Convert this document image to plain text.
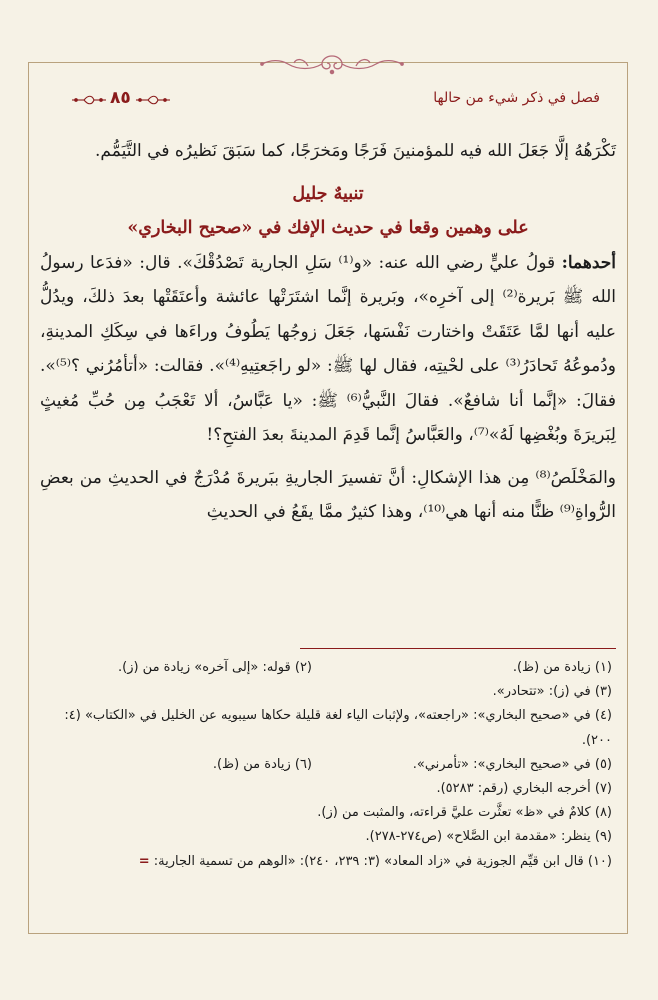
فصل في ذكر شيء من حالها
٨٥

تَكْرَهُهُ إلَّا جَعَلَ الله فيه للمؤمنينَ فَرَجًا ومَخرَجًا، كما سَبَقَ نَظيرُه في التَّيَمُّم.

تنبيهٌ جليل

على وهمين وقعا في حديث الإفك في «صحيح البخاري»

أحدهما: قولُ عليٍّ رضي الله عنه: «و⁽¹⁾ سَلِ الجارية تَصْدُقْكَ». قال: «فدَعا رسولُ الله ﷺ بَريرة⁽²⁾ إلى آخرِه»، وبَريرة إنَّما اشتَرَتْها عائشة وأعتَقَتْها بعدَ ذلكَ، ويدُلُّ عليه أنها لمَّا عَتَقَتْ واختارت نَفْسَها، جَعَلَ زوجُها يَطُوفُ وراءَها في سِكَكِ المدينةِ، ودُموعُهُ تَحادَرُ⁽³⁾ على لحْيتِه، فقال لها ﷺ: «لو راجَعتِيهِ⁽⁴⁾». فقالت: «أتأمُرُني ؟⁽⁵⁾». فقالَ: «إنَّما أنا شافعٌ». فقالَ النَّبيُّ⁽⁶⁾ ﷺ: «يا عَبَّاسُ، ألا تَعْجَبُ مِن حُبِّ مُغيثٍ لِبَريرَةَ وبُغْضِها لَهُ»⁽⁷⁾، والعَبَّاسُ إنَّما قَدِمَ المدينةَ بعدَ الفتحِ؟!

والمَخْلَصُ⁽⁸⁾ مِن هذا الإشكالِ: أنَّ تفسيرَ الجاريةِ ببَريرةَ مُدْرَجٌ في الحديثِ من بعضِ الرُّواةِ⁽⁹⁾ ظنًّا منه أنها هي⁽¹⁰⁾، وهذا كثيرٌ ممَّا يقَعُ في الحديثِ

(١) زيادة من (ظ).
(٢) قوله: «إلى آخره» زيادة من (ز).
(٣) في (ز): «تتحادر».
(٤) في «صحيح البخاري»: «راجعته»، ولإثبات الياء لغة قليلة حكاها سيبويه عن الخليل في «الكتاب» (٤: ٢٠٠).
(٥) في «صحيح البخاري»: «تأمرني».
(٦) زيادة من (ظ).
(٧) أخرجه البخاري (رقم: ٥٢٨٣).
(٨) كلامٌ في «ظ» تعثَّرت عليَّ قراءته، والمثبت من (ز).
(٩) ينظر: «مقدمة ابن الصَّلاح» (ص٢٧٤-٢٧٨).
(١٠) قال ابن قيِّم الجوزية في «زاد المعاد» (٣: ٢٣٩، ٢٤٠): «الوهم من تسمية الجارية: =
